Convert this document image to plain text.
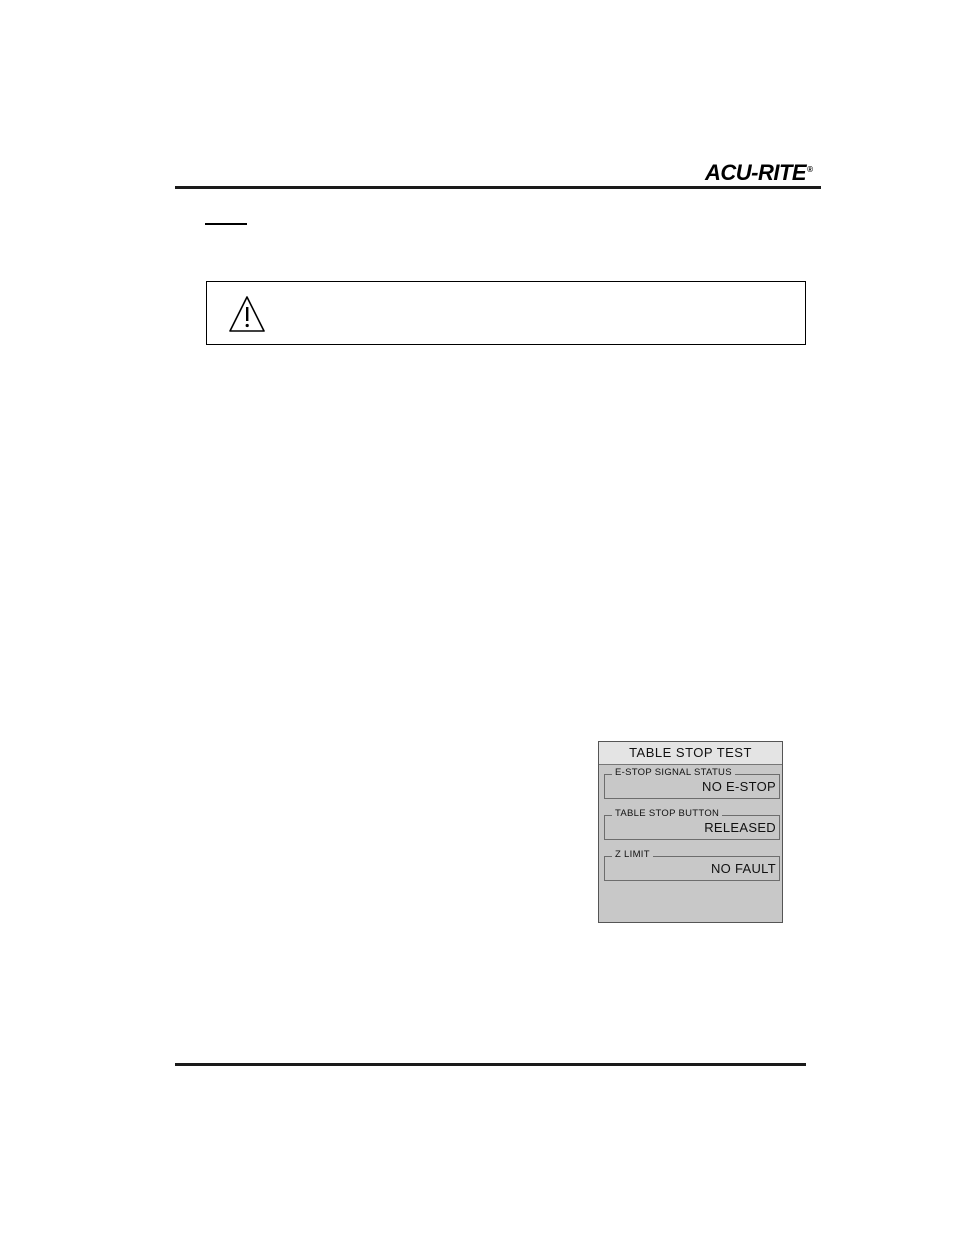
ACU-RITE®
TABLE STOP TEST
E-STOP SIGNAL STATUS
NO E-STOP
TABLE STOP BUTTON
RELEASED
Z LIMIT
NO FAULT
